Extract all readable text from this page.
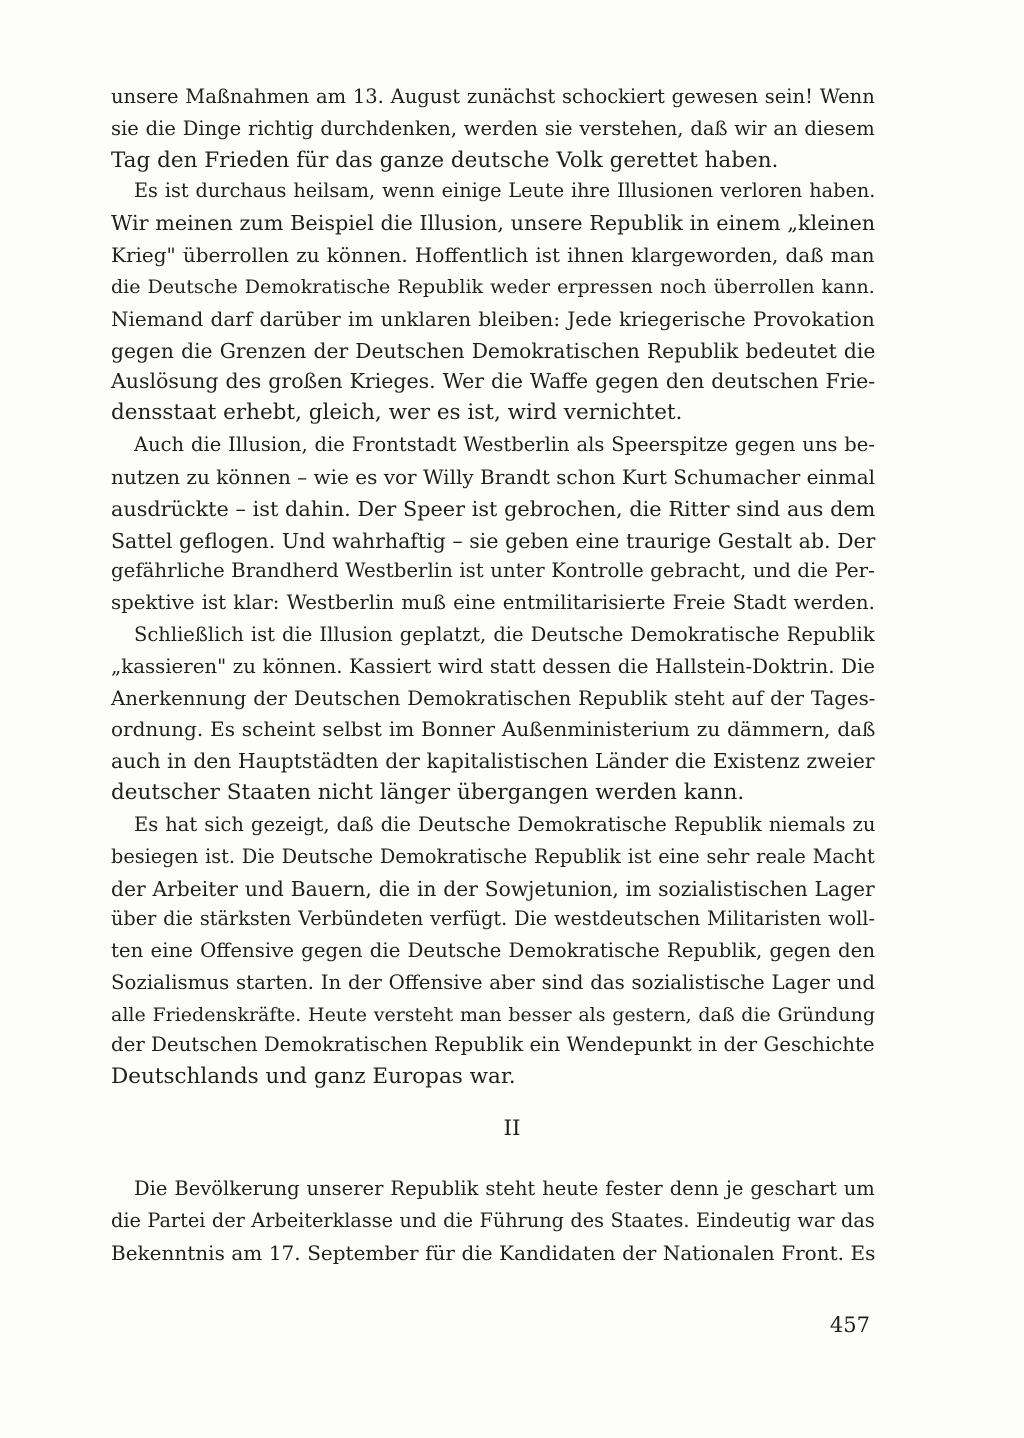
unsere Maßnahmen am 13. August zunächst schockiert gewesen sein! Wenn
sie die Dinge richtig durchdenken, werden sie verstehen, daß wir an diesem
Tag den Frieden für das ganze deutsche Volk gerettet haben.
Es ist durchaus heilsam, wenn einige Leute ihre Illusionen verloren haben.
Wir meinen zum Beispiel die Illusion, unsere Republik in einem „kleinen
Krieg" überrollen zu können. Hoffentlich ist ihnen klargeworden, daß man
die Deutsche Demokratische Republik weder erpressen noch überrollen kann.
Niemand darf darüber im unklaren bleiben: Jede kriegerische Provokation
gegen die Grenzen der Deutschen Demokratischen Republik bedeutet die
Auslösung des großen Krieges. Wer die Waffe gegen den deutschen Frie-
densstaat erhebt, gleich, wer es ist, wird vernichtet.
Auch die Illusion, die Frontstadt Westberlin als Speerspitze gegen uns be-
nutzen zu können – wie es vor Willy Brandt schon Kurt Schumacher einmal
ausdrückte – ist dahin. Der Speer ist gebrochen, die Ritter sind aus dem
Sattel geflogen. Und wahrhaftig – sie geben eine traurige Gestalt ab. Der
gefährliche Brandherd Westberlin ist unter Kontrolle gebracht, und die Per-
spektive ist klar: Westberlin muß eine entmilitarisierte Freie Stadt werden.
Schließlich ist die Illusion geplatzt, die Deutsche Demokratische Republik
„kassieren" zu können. Kassiert wird statt dessen die Hallstein-Doktrin. Die
Anerkennung der Deutschen Demokratischen Republik steht auf der Tages-
ordnung. Es scheint selbst im Bonner Außenministerium zu dämmern, daß
auch in den Hauptstädten der kapitalistischen Länder die Existenz zweier
deutscher Staaten nicht länger übergangen werden kann.
Es hat sich gezeigt, daß die Deutsche Demokratische Republik niemals zu
besiegen ist. Die Deutsche Demokratische Republik ist eine sehr reale Macht
der Arbeiter und Bauern, die in der Sowjetunion, im sozialistischen Lager
über die stärksten Verbündeten verfügt. Die westdeutschen Militaristen woll-
ten eine Offensive gegen die Deutsche Demokratische Republik, gegen den
Sozialismus starten. In der Offensive aber sind das sozialistische Lager und
alle Friedenskräfte. Heute versteht man besser als gestern, daß die Gründung
der Deutschen Demokratischen Republik ein Wendepunkt in der Geschichte
Deutschlands und ganz Europas war.
Die Bevölkerung unserer Republik steht heute fester denn je geschart um
die Partei der Arbeiterklasse und die Führung des Staates. Eindeutig war das
Bekenntnis am 17. September für die Kandidaten der Nationalen Front. Es
II
457
